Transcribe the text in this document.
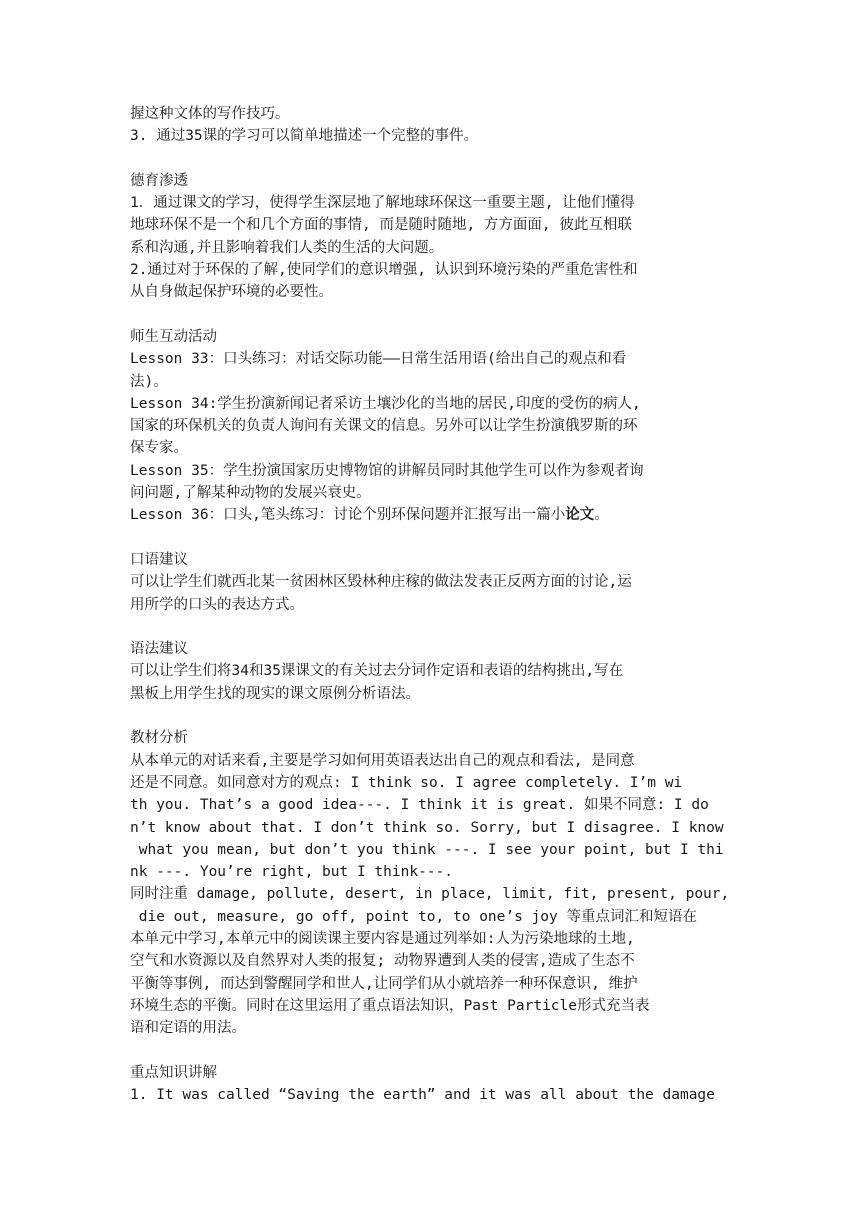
握这种文体的写作技巧。
3. 通过35课的学习可以简单地描述一个完整的事件。
德育渗透
1．通过课文的学习，使得学生深层地了解地球环保这一重要主题, 让他们懂得
地球环保不是一个和几个方面的事情, 而是随时随地, 方方面面, 彼此互相联
系和沟通,并且影响着我们人类的生活的大问题。
2.通过对于环保的了解,使同学们的意识增强, 认识到环境污染的严重危害性和
从自身做起保护环境的必要性。
师生互动活动
Lesson 33：口头练习：对话交际功能——日常生活用语(给出自己的观点和看
法)。
Lesson 34:学生扮演新闻记者采访土壤沙化的当地的居民,印度的受伤的病人,
国家的环保机关的负责人询问有关课文的信息。另外可以让学生扮演俄罗斯的环
保专家。
Lesson 35：学生扮演国家历史博物馆的讲解员同时其他学生可以作为参观者询
问问题,了解某种动物的发展兴衰史。
Lesson 36：口头,笔头练习：讨论个别环保问题并汇报写出一篇小论文。
口语建议
可以让学生们就西北某一贫困林区毁林种庄稼的做法发表正反两方面的讨论,运
用所学的口头的表达方式。
语法建议
可以让学生们将34和35课课文的有关过去分词作定语和表语的结构挑出,写在
黑板上用学生找的现实的课文原例分析语法。
教材分析
从本单元的对话来看,主要是学习如何用英语表达出自己的观点和看法, 是同意
还是不同意。如同意对方的观点: I think so. I agree completely. I’m wi
th you. That’s a good idea---. I think it is great. 如果不同意: I do
n’t know about that. I don’t think so. Sorry, but I disagree. I know
what you mean, but don’t you think ---. I see your point, but I thi
nk ---. You’re right, but I think---.
同时注重 damage, pollute, desert, in place, limit, fit, present, pour,
die out, measure, go off, point to, to one’s joy 等重点词汇和短语在
本单元中学习,本单元中的阅读课主要内容是通过列举如:人为污染地球的土地,
空气和水资源以及自然界对人类的报复; 动物界遭到人类的侵害,造成了生态不
平衡等事例, 而达到警醒同学和世人,让同学们从小就培养一种环保意识, 维护
环境生态的平衡。同时在这里运用了重点语法知识，Past Particle形式充当表
语和定语的用法。
重点知识讲解
1. It was called “Saving the earth” and it was all about the damage
